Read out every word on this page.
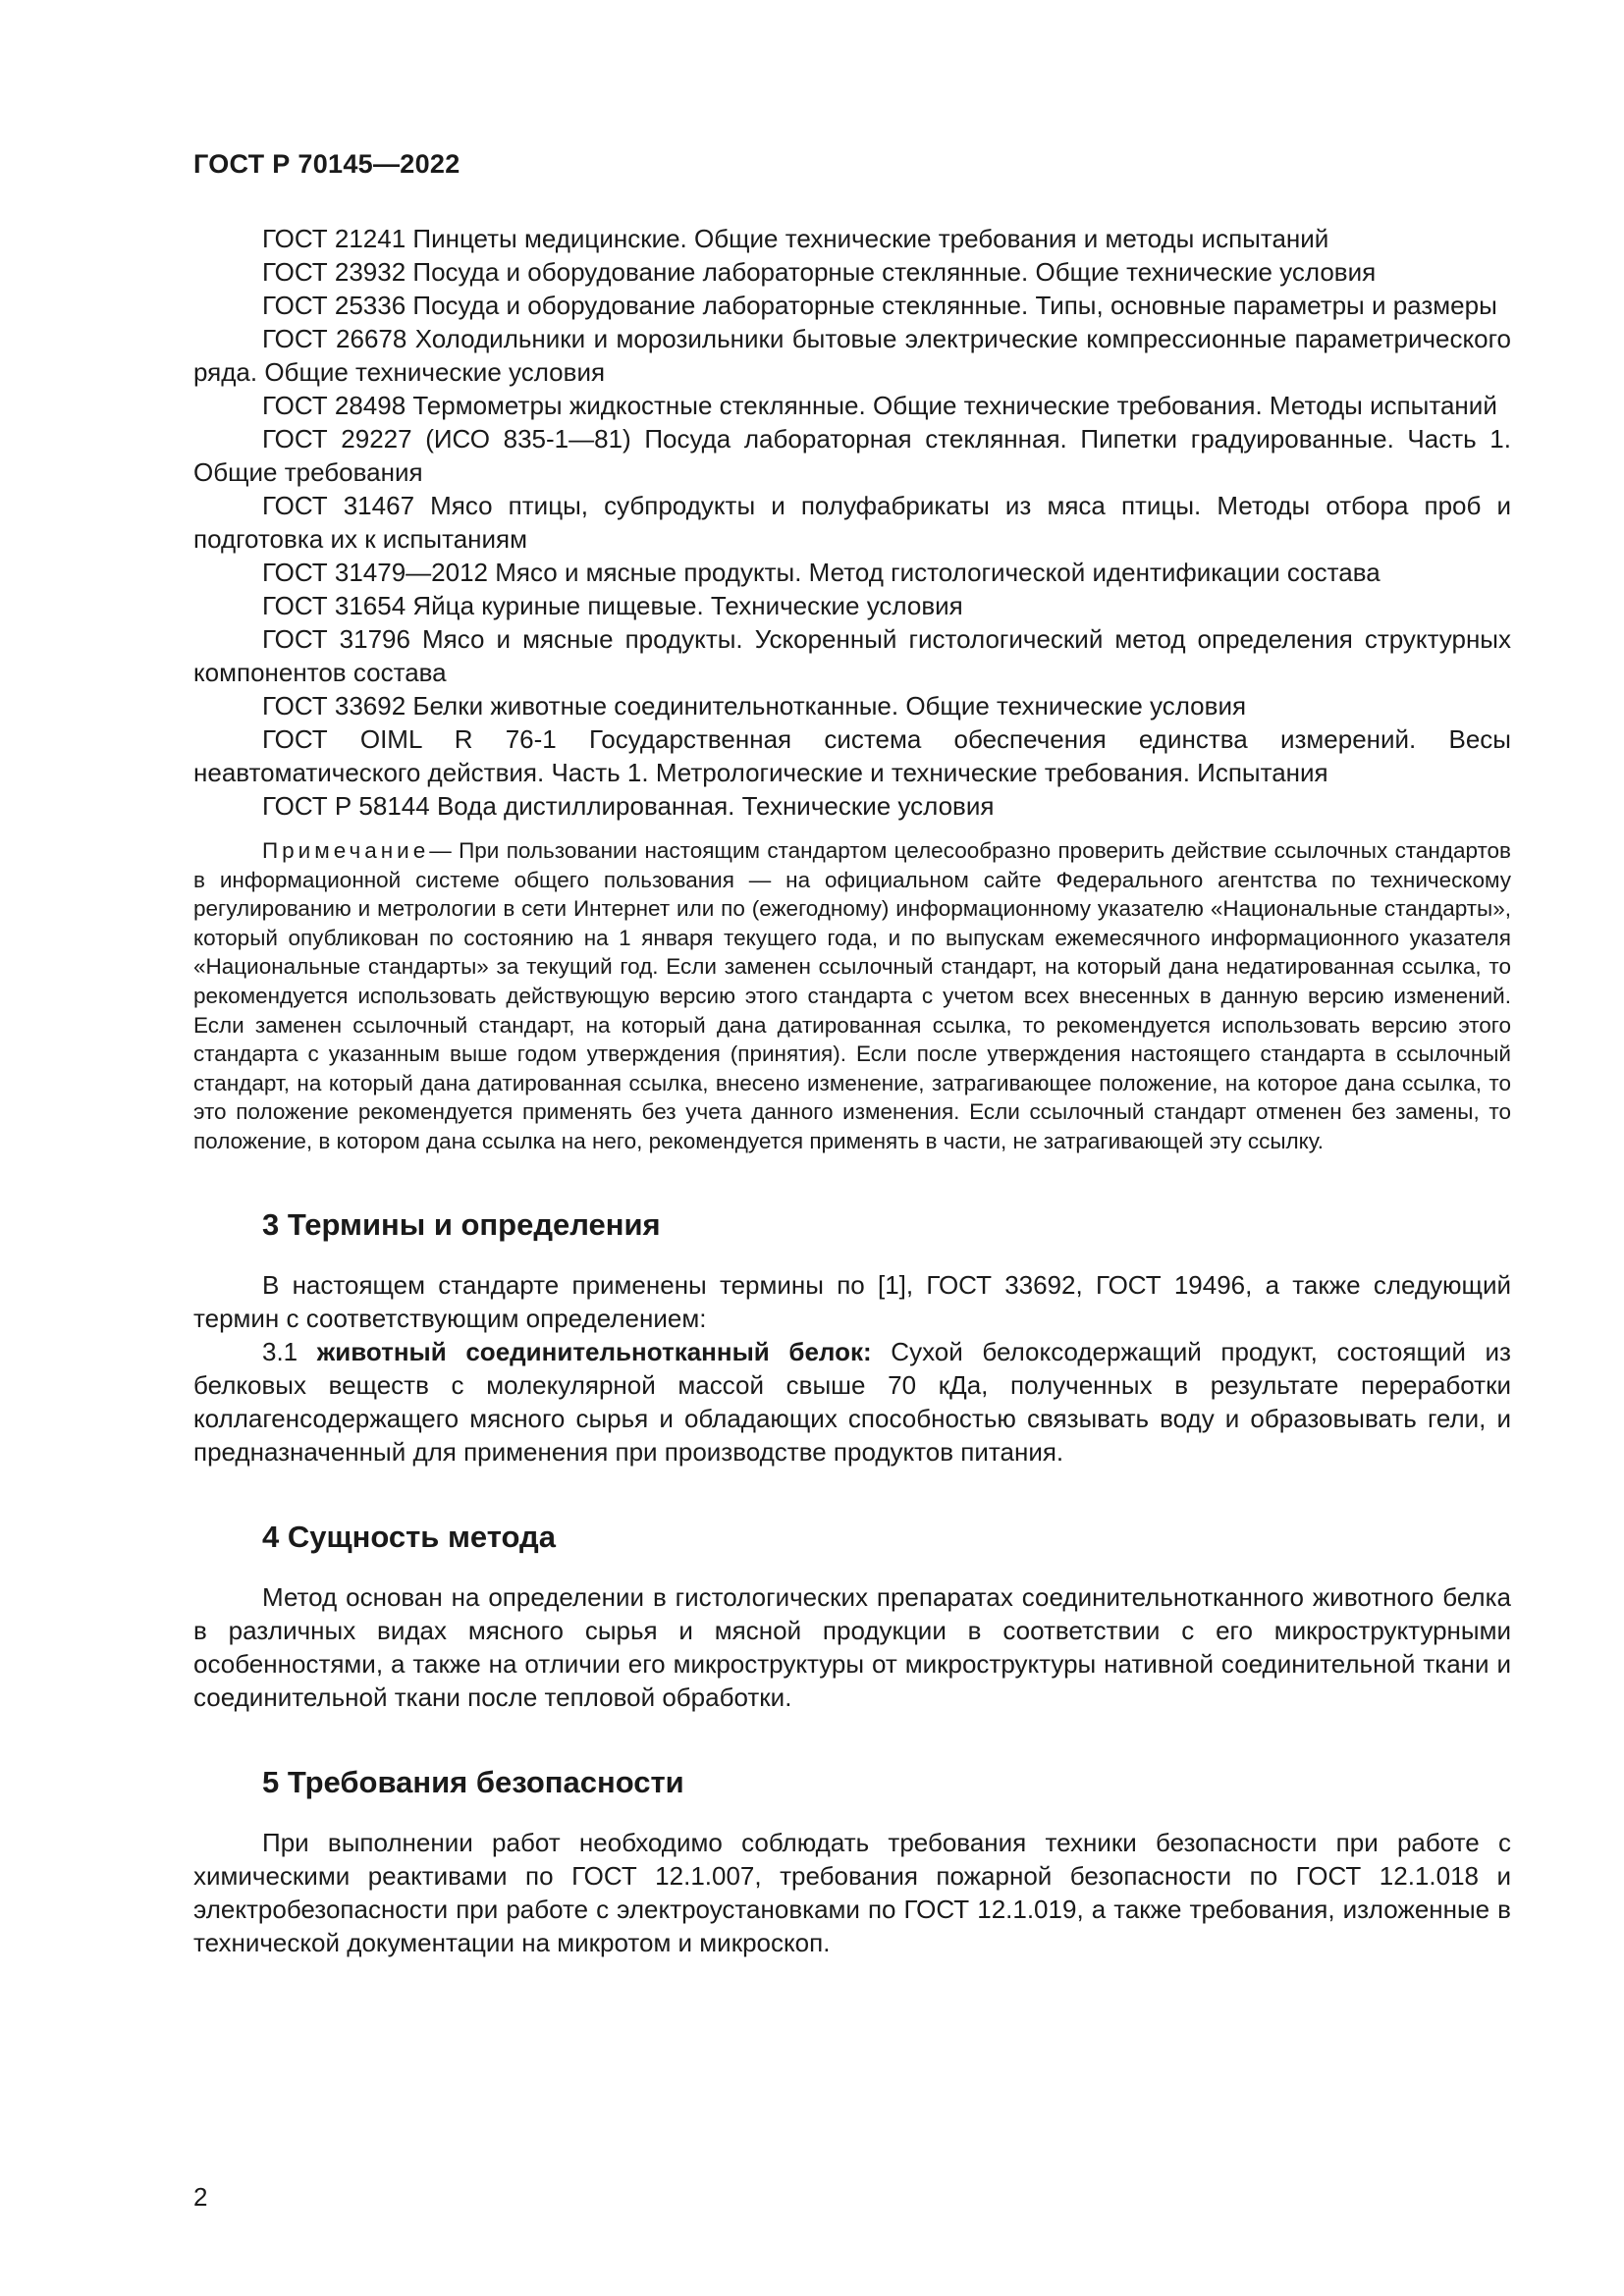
ГОСТ Р 70145—2022

ГОСТ 21241 Пинцеты медицинские. Общие технические требования и методы испытаний

ГОСТ 23932 Посуда и оборудование лабораторные стеклянные. Общие технические условия

ГОСТ 25336 Посуда и оборудование лабораторные стеклянные. Типы, основные параметры и размеры

ГОСТ 26678 Холодильники и морозильники бытовые электрические компрессионные параметрического ряда. Общие технические условия

ГОСТ 28498 Термометры жидкостные стеклянные. Общие технические требования. Методы испытаний

ГОСТ 29227 (ИСО 835-1—81) Посуда лабораторная стеклянная. Пипетки градуированные. Часть 1. Общие требования

ГОСТ 31467 Мясо птицы, субпродукты и полуфабрикаты из мяса птицы. Методы отбора проб и подготовка их к испытаниям

ГОСТ 31479—2012 Мясо и мясные продукты. Метод гистологической идентификации состава

ГОСТ 31654 Яйца куриные пищевые. Технические условия

ГОСТ 31796 Мясо и мясные продукты. Ускоренный гистологический метод определения структурных компонентов состава

ГОСТ 33692 Белки животные соединительнотканные. Общие технические условия

ГОСТ OIML R 76-1 Государственная система обеспечения единства измерений. Весы неавтоматического действия. Часть 1. Метрологические и технические требования. Испытания

ГОСТ Р 58144 Вода дистиллированная. Технические условия

Примечание— При пользовании настоящим стандартом целесообразно проверить действие ссылочных стандартов в информационной системе общего пользования — на официальном сайте Федерального агентства по техническому регулированию и метрологии в сети Интернет или по (ежегодному) информационному указателю «Национальные стандарты», который опубликован по состоянию на 1 января текущего года, и по выпускам ежемесячного информационного указателя «Национальные стандарты» за текущий год. Если заменен ссылочный стандарт, на который дана недатированная ссылка, то рекомендуется использовать действующую версию этого стандарта с учетом всех внесенных в данную версию изменений. Если заменен ссылочный стандарт, на который дана датированная ссылка, то рекомендуется использовать версию этого стандарта с указанным выше годом утверждения (принятия). Если после утверждения настоящего стандарта в ссылочный стандарт, на который дана датированная ссылка, внесено изменение, затрагивающее положение, на которое дана ссылка, то это положение рекомендуется применять без учета данного изменения. Если ссылочный стандарт отменен без замены, то положение, в котором дана ссылка на него, рекомендуется применять в части, не затрагивающей эту ссылку.

3 Термины и определения

В настоящем стандарте применены термины по [1], ГОСТ 33692, ГОСТ 19496, а также следующий термин с соответствующим определением:

3.1 животный соединительнотканный белок: Сухой белоксодержащий продукт, состоящий из белковых веществ с молекулярной массой свыше 70 кДа, полученных в результате переработки коллагенсодержащего мясного сырья и обладающих способностью связывать воду и образовывать гели, и предназначенный для применения при производстве продуктов питания.

4 Сущность метода

Метод основан на определении в гистологических препаратах соединительнотканного животного белка в различных видах мясного сырья и мясной продукции в соответствии с его микроструктурными особенностями, а также на отличии его микроструктуры от микроструктуры нативной соединительной ткани и соединительной ткани после тепловой обработки.

5 Требования безопасности

При выполнении работ необходимо соблюдать требования техники безопасности при работе с химическими реактивами по ГОСТ 12.1.007, требования пожарной безопасности по ГОСТ 12.1.018 и электробезопасности при работе с электроустановками по ГОСТ 12.1.019, а также требования, изложенные в технической документации на микротом и микроскоп.

2
